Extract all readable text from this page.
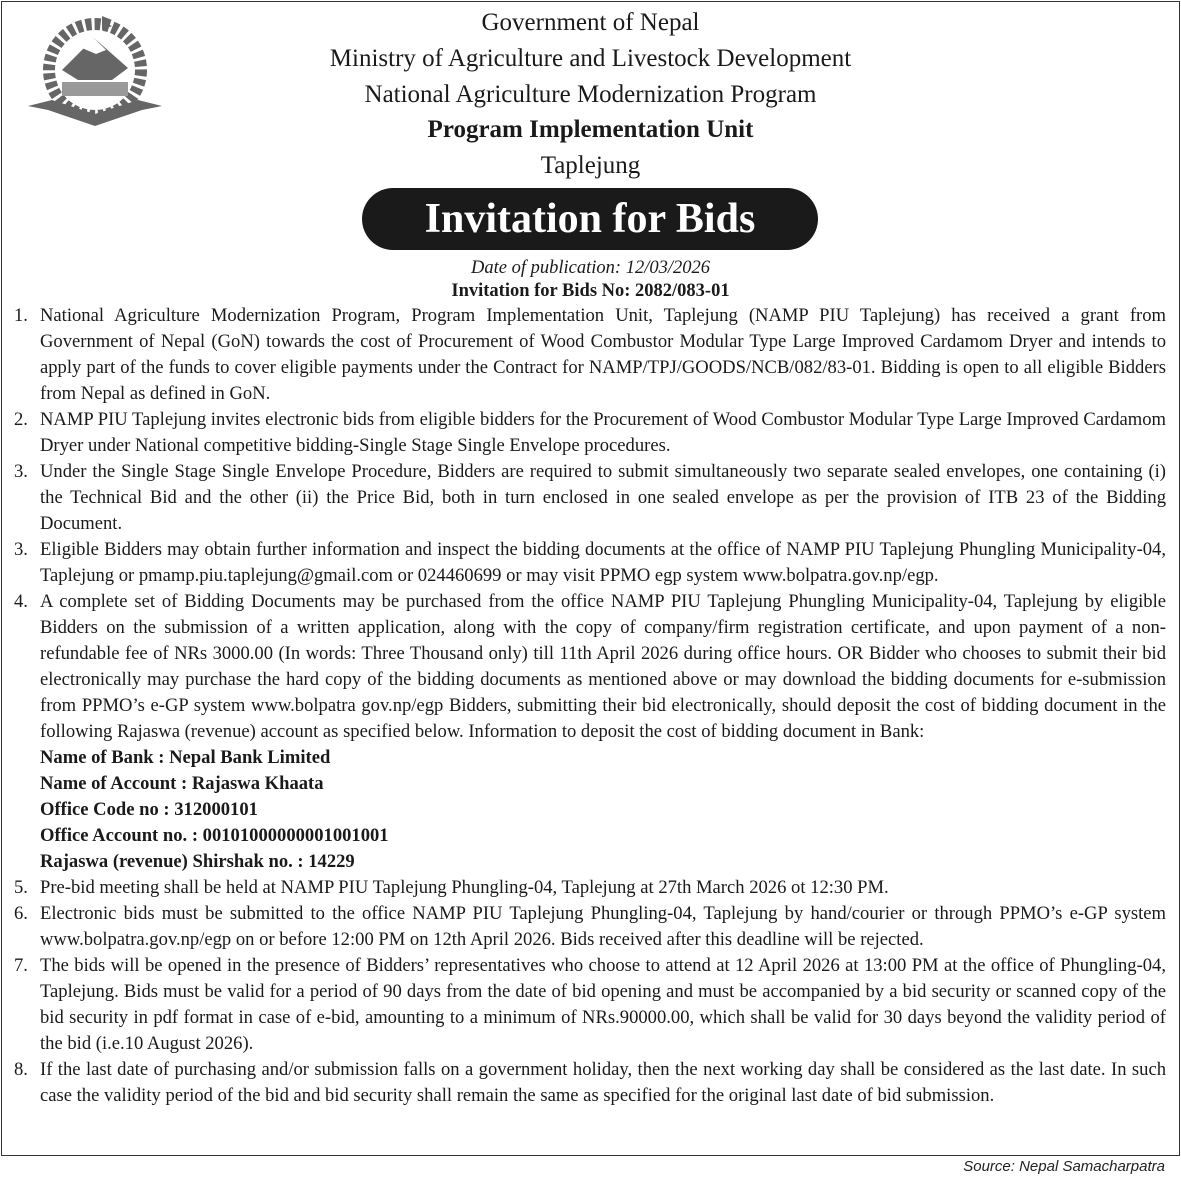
Government of Nepal
Ministry of Agriculture and Livestock Development
National Agriculture Modernization Program
Program Implementation Unit
Taplejung
Invitation for Bids
Date of publication: 12/03/2026
Invitation for Bids No: 2082/083-01
1. National Agriculture Modernization Program, Program Implementation Unit, Taplejung (NAMP PIU Taplejung) has received a grant from Government of Nepal (GoN) towards the cost of Procurement of Wood Combustor Modular Type Large Improved Cardamom Dryer and intends to apply part of the funds to cover eligible payments under the Contract for NAMP/TPJ/GOODS/NCB/082/83-01. Bidding is open to all eligible Bidders from Nepal as defined in GoN.
2. NAMP PIU Taplejung invites electronic bids from eligible bidders for the Procurement of Wood Combustor Modular Type Large Improved Cardamom Dryer under National competitive bidding-Single Stage Single Envelope procedures.
3. Under the Single Stage Single Envelope Procedure, Bidders are required to submit simultaneously two separate sealed envelopes, one containing (i) the Technical Bid and the other (ii) the Price Bid, both in turn enclosed in one sealed envelope as per the provision of ITB 23 of the Bidding Document.
3. Eligible Bidders may obtain further information and inspect the bidding documents at the office of NAMP PIU Taplejung Phungling Municipality-04, Taplejung or pmamp.piu.taplejung@gmail.com or 024460699 or may visit PPMO egp system www.bolpatra.gov.np/egp.
4. A complete set of Bidding Documents may be purchased from the office NAMP PIU Taplejung Phungling Municipality-04, Taplejung by eligible Bidders on the submission of a written application, along with the copy of company/firm registration certificate, and upon payment of a non-refundable fee of NRs 3000.00 (In words: Three Thousand only) till 11th April 2026 during office hours. OR Bidder who chooses to submit their bid electronically may purchase the hard copy of the bidding documents as mentioned above or may download the bidding documents for e-submission from PPMO’s e-GP system www.bolpatra gov.np/egp Bidders, submitting their bid electronically, should deposit the cost of bidding document in the following Rajaswa (revenue) account as specified below. Information to deposit the cost of bidding document in Bank:
Name of Bank : Nepal Bank Limited
Name of Account : Rajaswa Khaata
Office Code no : 312000101
Office Account no. : 00101000000001001001
Rajaswa (revenue) Shirshak no. : 14229
5. Pre-bid meeting shall be held at NAMP PIU Taplejung Phungling-04, Taplejung at 27th March 2026 ot 12:30 PM.
6. Electronic bids must be submitted to the office NAMP PIU Taplejung Phungling-04, Taplejung by hand/courier or through PPMO’s e-GP system www.bolpatra.gov.np/egp on or before 12:00 PM on 12th April 2026. Bids received after this deadline will be rejected.
7. The bids will be opened in the presence of Bidders’ representatives who choose to attend at 12 April 2026 at 13:00 PM at the office of Phungling-04, Taplejung. Bids must be valid for a period of 90 days from the date of bid opening and must be accompanied by a bid security or scanned copy of the bid security in pdf format in case of e-bid, amounting to a minimum of NRs.90000.00, which shall be valid for 30 days beyond the validity period of the bid (i.e.10 August 2026).
8. If the last date of purchasing and/or submission falls on a government holiday, then the next working day shall be considered as the last date. In such case the validity period of the bid and bid security shall remain the same as specified for the original last date of bid submission.
Source: Nepal Samacharpatra
